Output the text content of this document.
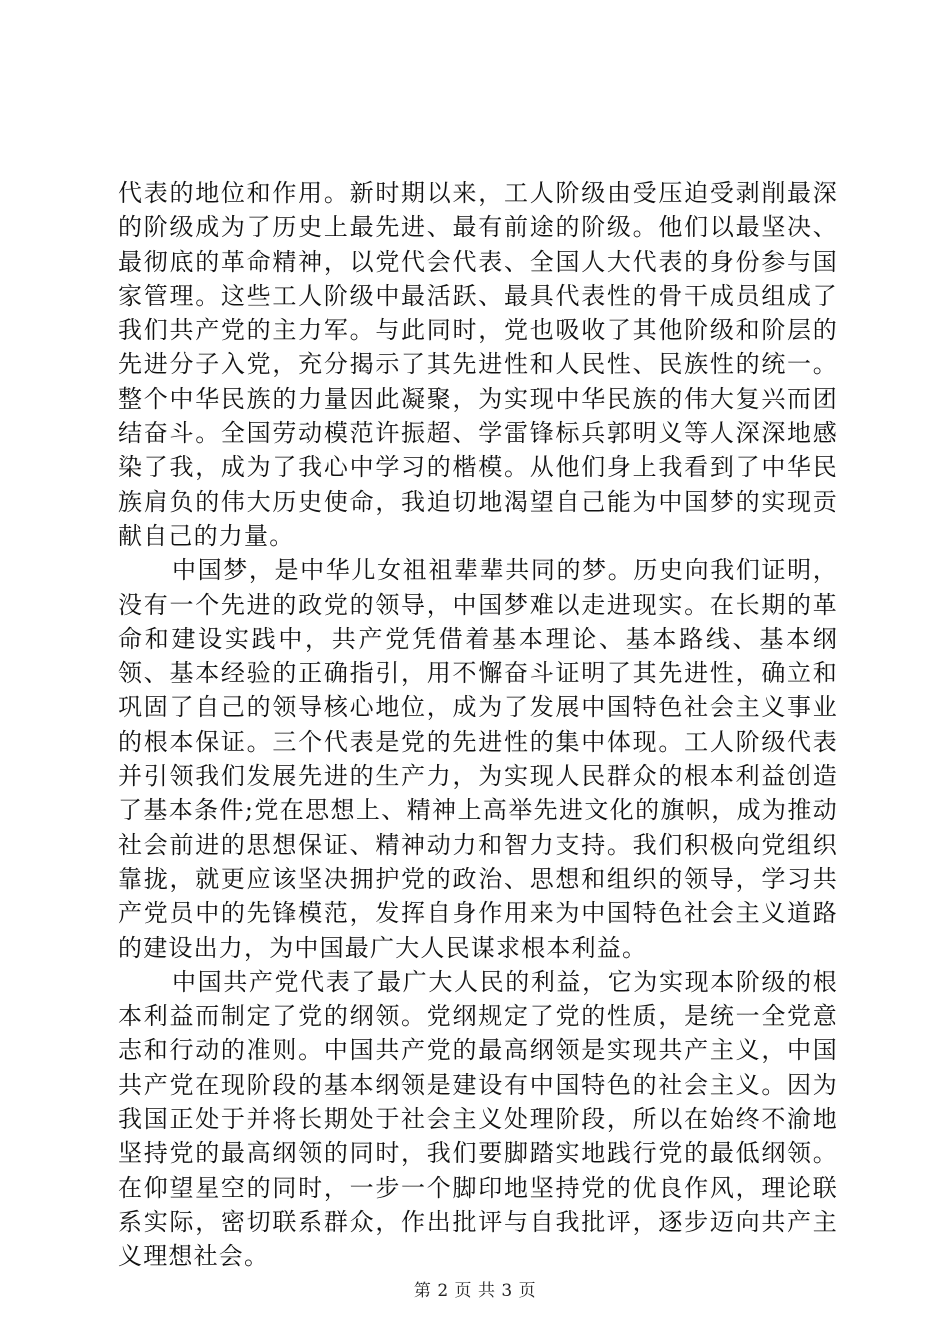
代表的地位和作用。新时期以来，工人阶级由受压迫受剥削最深的阶级成为了历史上最先进、最有前途的阶级。他们以最坚决、最彻底的革命精神，以党代会代表、全国人大代表的身份参与国家管理。这些工人阶级中最活跃、最具代表性的骨干成员组成了我们共产党的主力军。与此同时，党也吸收了其他阶级和阶层的先进分子入党，充分揭示了其先进性和人民性、民族性的统一。整个中华民族的力量因此凝聚，为实现中华民族的伟大复兴而团结奋斗。全国劳动模范许振超、学雷锋标兵郭明义等人深深地感染了我，成为了我心中学习的楷模。从他们身上我看到了中华民族肩负的伟大历史使命，我迫切地渴望自己能为中国梦的实现贡献自己的力量。

中国梦，是中华儿女祖祖辈辈共同的梦。历史向我们证明，没有一个先进的政党的领导，中国梦难以走进现实。在长期的革命和建设实践中，共产党凭借着基本理论、基本路线、基本纲领、基本经验的正确指引，用不懈奋斗证明了其先进性，确立和巩固了自己的领导核心地位，成为了发展中国特色社会主义事业的根本保证。三个代表是党的先进性的集中体现。工人阶级代表并引领我们发展先进的生产力，为实现人民群众的根本利益创造了基本条件;党在思想上、精神上高举先进文化的旗帜，成为推动社会前进的思想保证、精神动力和智力支持。我们积极向党组织靠拢，就更应该坚决拥护党的政治、思想和组织的领导，学习共产党员中的先锋模范，发挥自身作用来为中国特色社会主义道路的建设出力，为中国最广大人民谋求根本利益。

中国共产党代表了最广大人民的利益，它为实现本阶级的根本利益而制定了党的纲领。党纲规定了党的性质，是统一全党意志和行动的准则。中国共产党的最高纲领是实现共产主义，中国共产党在现阶段的基本纲领是建设有中国特色的社会主义。因为我国正处于并将长期处于社会主义处理阶段，所以在始终不渝地坚持党的最高纲领的同时，我们要脚踏实地践行党的最低纲领。在仰望星空的同时，一步一个脚印地坚持党的优良作风，理论联系实际，密切联系群众，作出批评与自我批评，逐步迈向共产主义理想社会。

第 2 页 共 3 页
